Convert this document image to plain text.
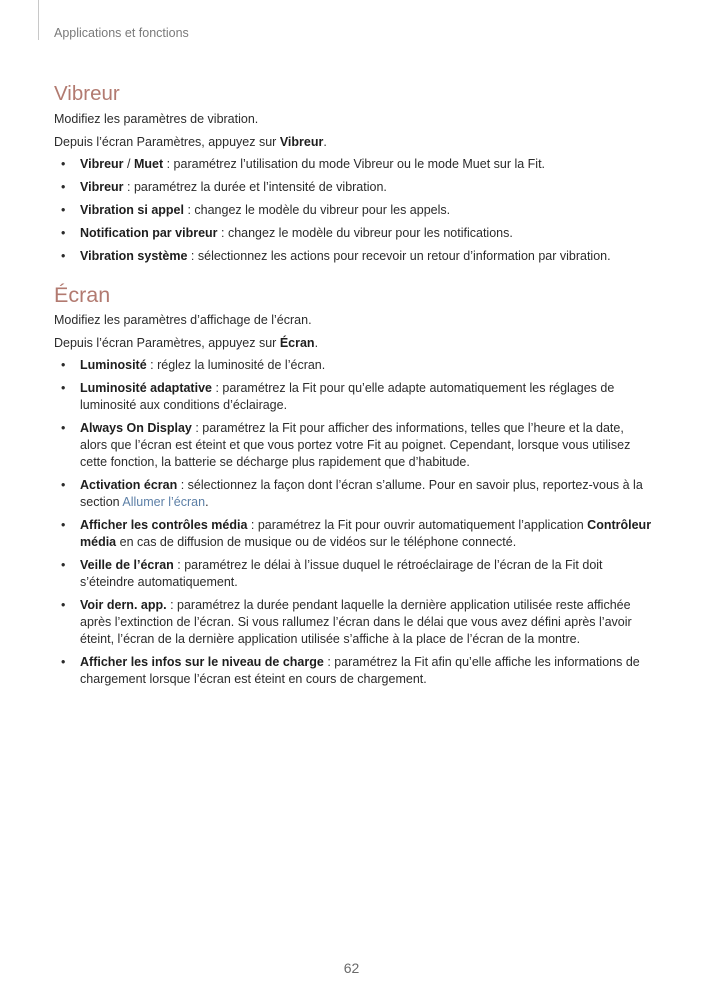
Applications et fonctions
Vibreur

Modifiez les paramètres de vibration.

Depuis l’écran Paramètres, appuyez sur Vibreur.

• Vibreur / Muet : paramétrez l’utilisation du mode Vibreur ou le mode Muet sur la Fit.
• Vibreur : paramétrez la durée et l’intensité de vibration.
• Vibration si appel : changez le modèle du vibreur pour les appels.
• Notification par vibreur : changez le modèle du vibreur pour les notifications.
• Vibration système : sélectionnez les actions pour recevoir un retour d’information par vibration.
Écran

Modifiez les paramètres d’affichage de l’écran.

Depuis l’écran Paramètres, appuyez sur Écran.

• Luminosité : réglez la luminosité de l’écran.
• Luminosité adaptative : paramétrez la Fit pour qu’elle adapte automatiquement les réglages de luminosité aux conditions d’éclairage.
• Always On Display : paramétrez la Fit pour afficher des informations, telles que l’heure et la date, alors que l’écran est éteint et que vous portez votre Fit au poignet. Cependant, lorsque vous utilisez cette fonction, la batterie se décharge plus rapidement que d’habitude.
• Activation écran : sélectionnez la façon dont l’écran s’allume. Pour en savoir plus, reportez-vous à la section Allumer l’écran.
• Afficher les contrôles média : paramétrez la Fit pour ouvrir automatiquement l’application Contrôleur média en cas de diffusion de musique ou de vidéos sur le téléphone connecté.
• Veille de l’écran : paramétrez le délai à l’issue duquel le rétroéclairage de l’écran de la Fit doit s’éteindre automatiquement.
• Voir dern. app. : paramétrez la durée pendant laquelle la dernière application utilisée reste affichée après l’extinction de l’écran. Si vous rallumez l’écran dans le délai que vous avez défini après l’avoir éteint, l’écran de la dernière application utilisée s’affiche à la place de l’écran de la montre.
• Afficher les infos sur le niveau de charge : paramétrez la Fit afin qu’elle affiche les informations de chargement lorsque l’écran est éteint en cours de chargement.
62
